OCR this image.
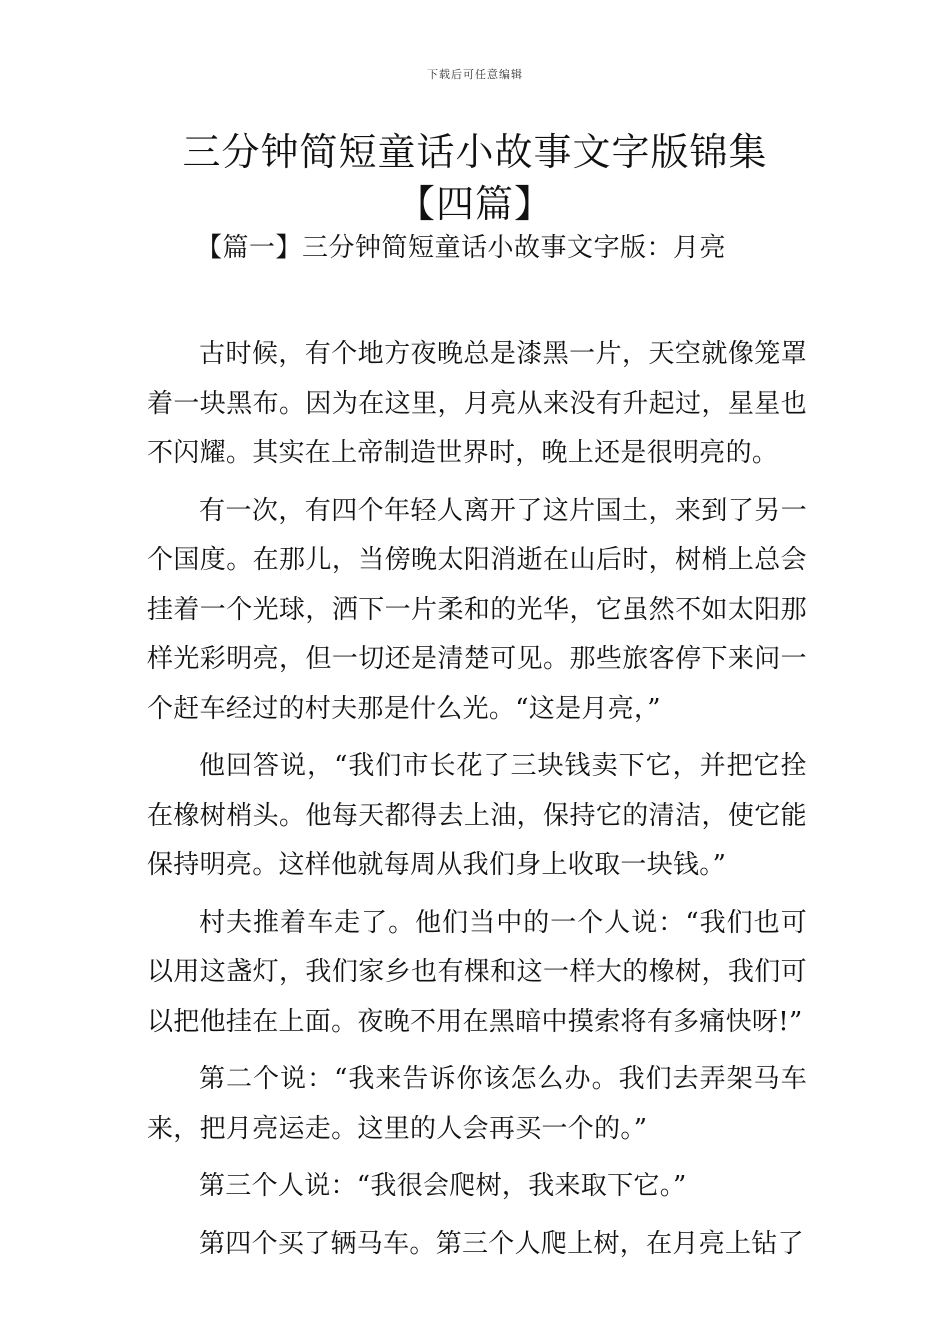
下载后可任意编辑
三分钟简短童话小故事文字版锦集【四篇】
【篇一】三分钟简短童话小故事文字版：月亮

古时候，有个地方夜晚总是漆黑一片，天空就像笼罩着一块黑布。因为在这里，月亮从来没有升起过，星星也不闪耀。其实在上帝制造世界时，晚上还是很明亮的。

有一次，有四个年轻人离开了这片国土，来到了另一个国度。在那儿，当傍晚太阳消逝在山后时，树梢上总会挂着一个光球，洒下一片柔和的光华，它虽然不如太阳那样光彩明亮，但一切还是清楚可见。那些旅客停下来问一个赶车经过的村夫那是什么光。“这是月亮，”

他回答说，“我们市长花了三块钱卖下它，并把它拴在橡树梢头。他每天都得去上油，保持它的清洁，使它能保持明亮。这样他就每周从我们身上收取一块钱。”

村夫推着车走了。他们当中的一个人说：“我们也可以用这盏灯，我们家乡也有棵和这一样大的橡树，我们可以把他挂在上面。夜晚不用在黑暗中摸索将有多痛快呀!”

第二个说：“我来告诉你该怎么办。我们去弄架马车来，把月亮运走。这里的人会再买一个的。”

第三个人说：“我很会爬树，我来取下它。”

第四个买了辆马车。第三个人爬上树，在月亮上钻了
